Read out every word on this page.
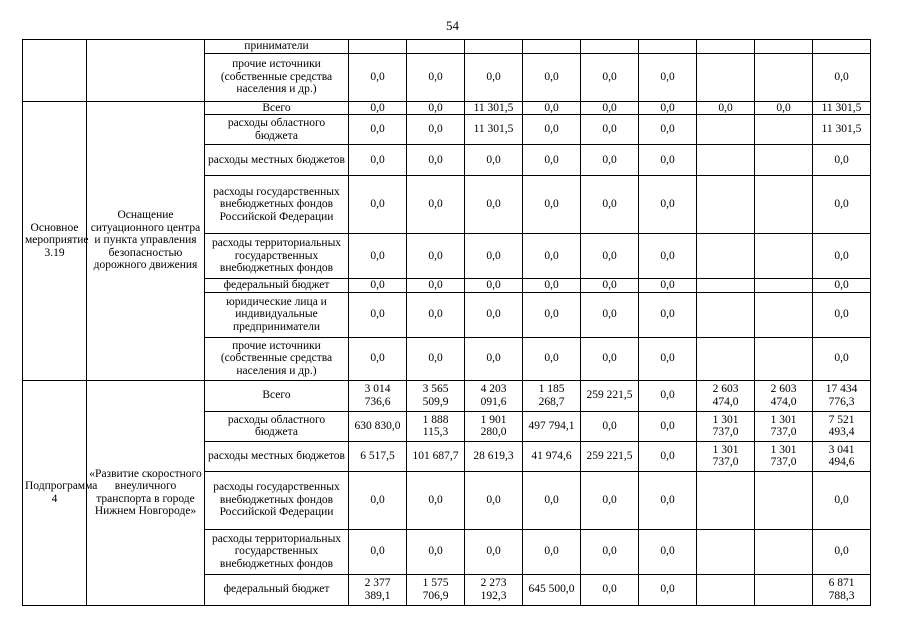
54
		приниматели									
		прочие источники (собственные средства населения и др.)	0,0	0,0	0,0	0,0	0,0	0,0			0,0
Основное мероприятие 3.19	Оснащение ситуационного центра и пункта управления безопасностью дорожного движения	Всего	0,0	0,0	11 301,5	0,0	0,0	0,0	0,0	0,0	11 301,5
		расходы областного бюджета	0,0	0,0	11 301,5	0,0	0,0	0,0			11 301,5
		расходы местных бюджетов	0,0	0,0	0,0	0,0	0,0	0,0			0,0
		расходы государственных внебюджетных фондов Российской Федерации	0,0	0,0	0,0	0,0	0,0	0,0			0,0
		расходы территориальных государственных внебюджетных фондов	0,0	0,0	0,0	0,0	0,0	0,0			0,0
		федеральный бюджет	0,0	0,0	0,0	0,0	0,0	0,0			0,0
		юридические лица и индивидуальные предприниматели	0,0	0,0	0,0	0,0	0,0	0,0			0,0
		прочие источники (собственные средства населения и др.)	0,0	0,0	0,0	0,0	0,0	0,0			0,0
Подпрограмма 4	«Развитие скоростного внеуличного транспорта в городе Нижнем Новгороде»	Всего	3 014 736,6	3 565 509,9	4 203 091,6	1 185 268,7	259 221,5	0,0	2 603 474,0	2 603 474,0	17 434 776,3
		расходы областного бюджета	630 830,0	1 888 115,3	1 901 280,0	497 794,1	0,0	0,0	1 301 737,0	1 301 737,0	7 521 493,4
		расходы местных бюджетов	6 517,5	101 687,7	28 619,3	41 974,6	259 221,5	0,0	1 301 737,0	1 301 737,0	3 041 494,6
		расходы государственных внебюджетных фондов Российской Федерации	0,0	0,0	0,0	0,0	0,0	0,0			0,0
		расходы территориальных государственных внебюджетных фондов	0,0	0,0	0,0	0,0	0,0	0,0			0,0
		федеральный бюджет	2 377 389,1	1 575 706,9	2 273 192,3	645 500,0	0,0	0,0			6 871 788,3
